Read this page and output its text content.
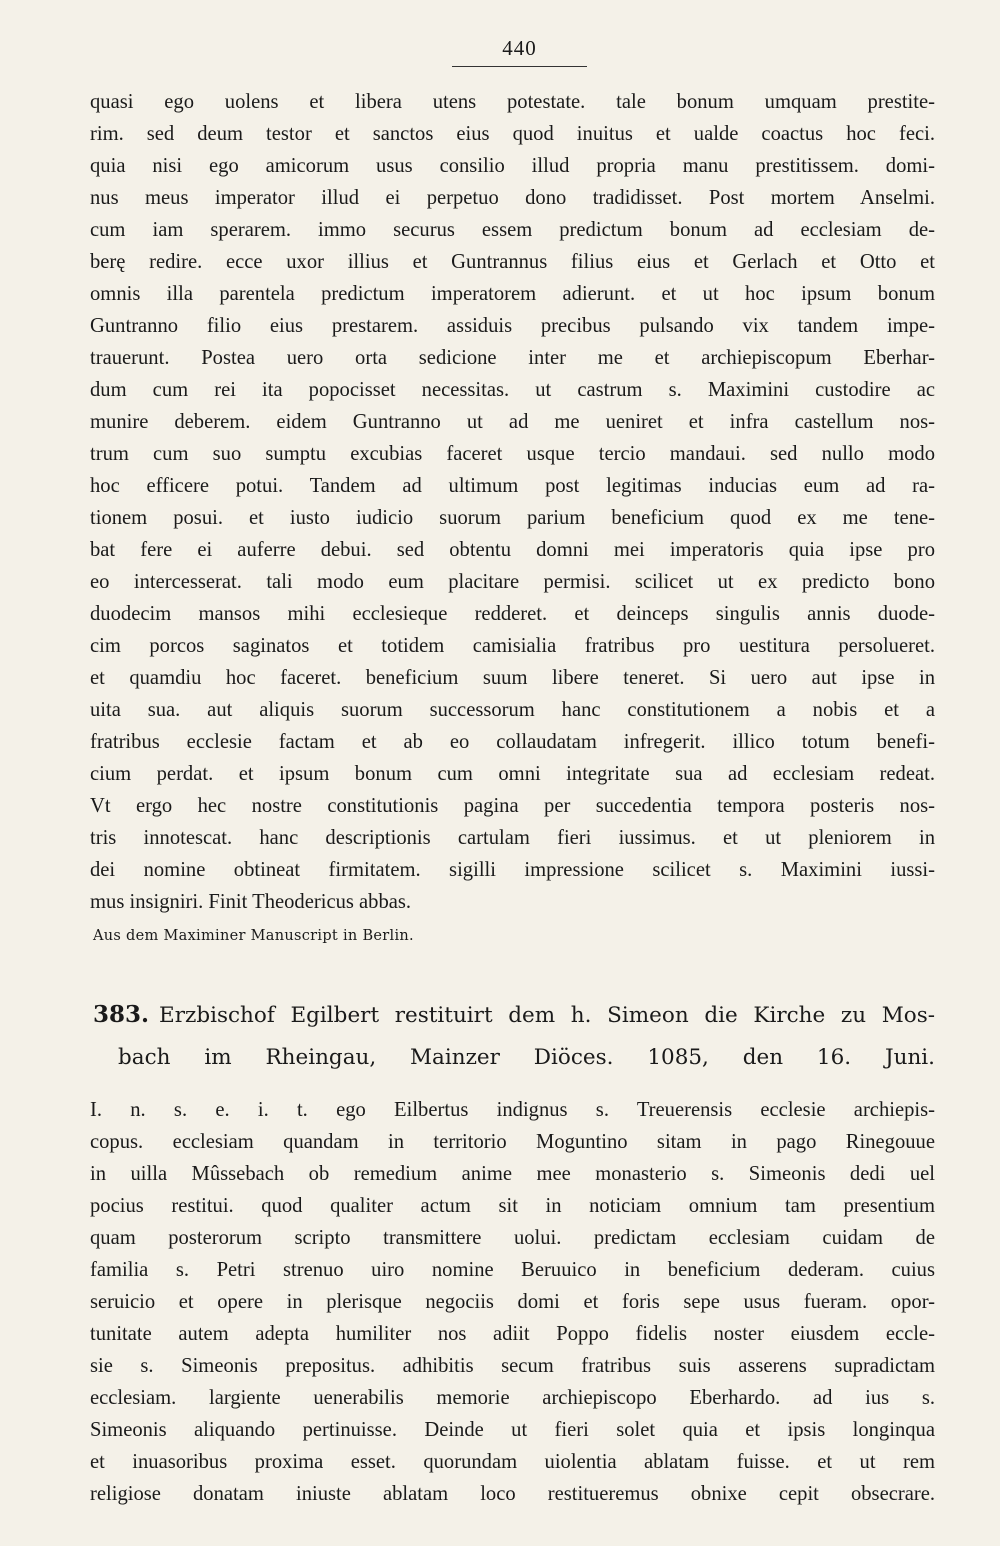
440
quasi ego uolens et libera utens potestate. tale bonum umquam prestite-
rim. sed deum testor et sanctos eius quod inuitus et ualde coactus hoc feci.
quia nisi ego amicorum usus consilio illud propria manu prestitissem. domi-
nus meus imperator illud ei perpetuo dono tradidisset. Post mortem Anselmi.
cum iam sperarem. immo securus essem predictum bonum ad ecclesiam de-
berę redire. ecce uxor illius et Guntrannus filius eius et Gerlach et Otto et
omnis illa parentela predictum imperatorem adierunt. et ut hoc ipsum bonum
Guntranno filio eius prestarem. assiduis precibus pulsando vix tandem impe-
trauerunt. Postea uero orta sedicione inter me et archiepiscopum Eberhar-
dum cum rei ita popocisset necessitas. ut castrum s. Maximini custodire ac
munire deberem. eidem Guntranno ut ad me ueniret et infra castellum nos-
trum cum suo sumptu excubias faceret usque tercio mandaui. sed nullo modo
hoc efficere potui. Tandem ad ultimum post legitimas inducias eum ad ra-
tionem posui. et iusto iudicio suorum parium beneficium quod ex me tene-
bat fere ei auferre debui. sed obtentu domni mei imperatoris quia ipse pro
eo intercesserat. tali modo eum placitare permisi. scilicet ut ex predicto bono
duodecim mansos mihi ecclesieque redderet. et deinceps singulis annis duode-
cim porcos saginatos et totidem camisialia fratribus pro uestitura persolueret.
et quamdiu hoc faceret. beneficium suum libere teneret. Si uero aut ipse in
uita sua. aut aliquis suorum successorum hanc constitutionem a nobis et a
fratribus ecclesie factam et ab eo collaudatam infregerit. illico totum benefi-
cium perdat. et ipsum bonum cum omni integritate sua ad ecclesiam redeat.
Vt ergo hec nostre constitutionis pagina per succedentia tempora posteris nos-
tris innotescat. hanc descriptionis cartulam fieri iussimus. et ut pleniorem in
dei nomine obtineat firmitatem. sigilli impressione scilicet s. Maximini iussi-
mus insigniri. Finit Theodericus abbas.
Aus dem Maximiner Manuscript in Berlin.
383. Erzbischof Egilbert restituirt dem h. Simeon die Kirche zu Mos-
bach im Rheingau, Mainzer Diöces. 1085, den 16. Juni.
I. n. s. e. i. t. ego Eilbertus indignus s. Treuerensis ecclesie archiepis-
copus. ecclesiam quandam in territorio Moguntino sitam in pago Rinegouue
in uilla Mûssebach ob remedium anime mee monasterio s. Simeonis dedi uel
pocius restitui. quod qualiter actum sit in noticiam omnium tam presentium
quam posterorum scripto transmittere uolui. predictam ecclesiam cuidam de
familia s. Petri strenuo uiro nomine Beruuico in beneficium dederam. cuius
seruicio et opere in plerisque negociis domi et foris sepe usus fueram. opor-
tunitate autem adepta humiliter nos adiit Poppo fidelis noster eiusdem eccle-
sie s. Simeonis prepositus. adhibitis secum fratribus suis asserens supradictam
ecclesiam. largiente uenerabilis memorie archiepiscopo Eberhardo. ad ius s.
Simeonis aliquando pertinuisse. Deinde ut fieri solet quia et ipsis longinqua
et inuasoribus proxima esset. quorundam uiolentia ablatam fuisse. et ut rem
religiose donatam iniuste ablatam loco restitueremus obnixe cepit obsecrare.
